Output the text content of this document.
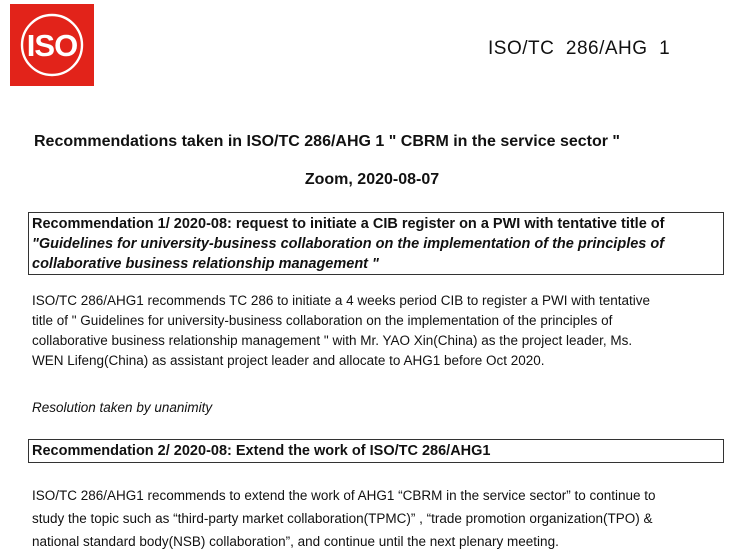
ISO	ISO/TC  286/AHG  1
Recommendations taken in ISO/TC 286/AHG 1 " CBRM in the service sector "
Zoom, 2020-08-07
Recommendation 1/ 2020-08: request to initiate a CIB register on a PWI with tentative title of
"Guidelines for university-business collaboration on the implementation of the principles of
collaborative business relationship management "
ISO/TC 286/AHG1 recommends TC 286 to initiate a 4 weeks period CIB to register a PWI with tentative
title of " Guidelines for university-business collaboration on the implementation of the principles of
collaborative business relationship management " with Mr. YAO Xin(China) as the project leader, Ms.
WEN Lifeng(China) as assistant project leader and allocate to AHG1 before Oct 2020.
Resolution taken by unanimity
Recommendation 2/ 2020-08: Extend the work of ISO/TC 286/AHG1
ISO/TC 286/AHG1 recommends to extend the work of AHG1 “CBRM in the service sector” to continue to
study the topic such as “third-party market collaboration(TPMC)” , “trade promotion organization(TPO) &
national standard body(NSB) collaboration”, and continue until the next plenary meeting.
